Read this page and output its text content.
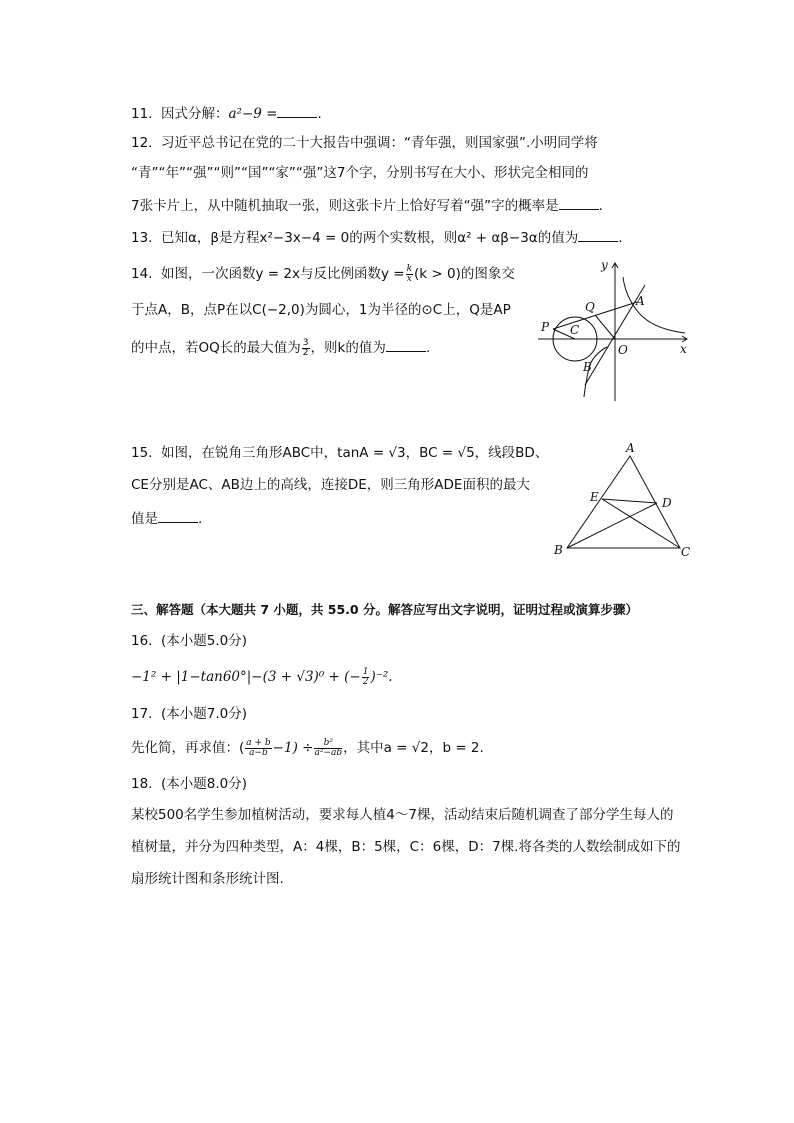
11. 因式分解：a²−9 =	.
12. 习近平总书记在党的二十大报告中强调：“青年强，则国家强”.小明同学将
“青”“年”“强”“则”“国”“家”“强”这7个字，分别书写在大小、形状完全相同的
7张卡片上，从中随机抽取一张，则这张卡片上恰好写着“强”字的概率是	.
13. 已知α，β是方程x²−3x−4 = 0的两个实数根，则α² + αβ−3α的值为	.
14. 如图，一次函数y = 2x与反比例函数$y = \frac{k}{x} (k > 0)$的图象交
于点A，B，点P在以C(−2,0)为圆心，1为半径的⊙C上，Q是AP
的中点，若OQ长的最大值为 $\frac{3}{2}$ ，则k的值为	.
y
x
O
A
B
P
Q
C
15. 如图，在锐角三角形ABC中，tanA = √3，BC = √5，线段BD、
CE分别是AC、AB边上的高线，连接DE，则三角形ADE面积的最大
值是	.
A
B	C
D
E
三、解答题（本大题共 7 小题，共 55.0 分。解答应写出文字说明，证明过程或演算步骤）
16. (本小题5.0分)
−1² + |1−tan60°|−(3 + √3)⁰ + (− $\frac{1}{2} )^{-2}$.
17. (本小题7.0分)
先化简，再求值：( $\frac{a + b}{a-b} -1) \div \frac{\text{b²}}{\text{a²−ab}}$ ，其中a = √2，b = 2.
18. (本小题8.0分)
某校500名学生参加植树活动，要求每人植4～7棵，活动结束后随机调查了部分学生每人的
植树量，并分为四种类型，A：4棵，B：5棵，C：6棵，D：7棵.将各类的人数绘制成如下的
扇形统计图和条形统计图.
